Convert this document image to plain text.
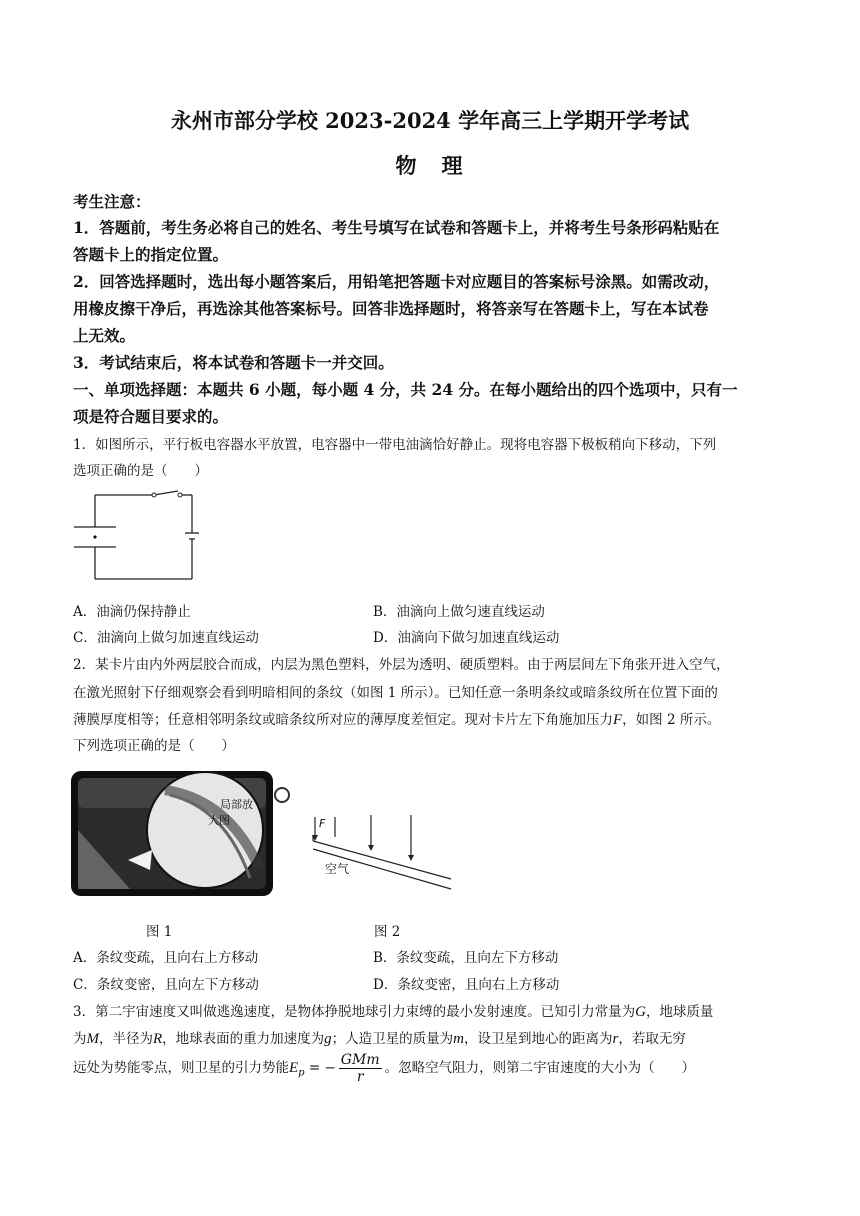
永州市部分学校 2023-2024 学年高三上学期开学考试
物　理
考生注意：
1．答题前，考生务必将自己的姓名、考生号填写在试卷和答题卡上，并将考生号条形码粘贴在
答题卡上的指定位置。
2．回答选择题时，选出每小题答案后，用铅笔把答题卡对应题目的答案标号涂黑。如需改动，
用橡皮擦干净后，再选涂其他答案标号。回答非选择题时，将答亲写在答题卡上，写在本试卷
上无效。
3．考试结束后，将本试卷和答题卡一并交回。
一、单项选择题：本题共 6 小题，每小题 4 分，共 24 分。在每小题给出的四个选项中，只有一
项是符合题目要求的。
1．如图所示，平行板电容器水平放置，电容器中一带电油滴恰好静止。现将电容器下极板稍向下移动，下列
选项正确的是（　　）
A．油滴仍保持静止	B．油滴向上做匀速直线运动
C．油滴向上做匀加速直线运动	D．油滴向下做匀加速直线运动
2．某卡片由内外两层胶合而成，内层为黑色塑料，外层为透明、硬质塑料。由于两层间左下角张开进入空气，
在激光照射下仔细观察会看到明暗相间的条纹（如图 1 所示）。已知任意一条明条纹或暗条纹所在位置下面的
薄膜厚度相等；任意相邻明条纹或暗条纹所对应的薄厚度差恒定。现对卡片左下角施加压力F，如图 2 所示。
下列选项正确的是（　　）
局部放
大图	F
空气
图 1	图 2
A．条纹变疏，且向右上方移动	B．条纹变疏，且向左下方移动
C．条纹变密，且向左下方移动	D．条纹变密，且向右上方移动
3．第二宇宙速度又叫做逃逸速度，是物体挣脱地球引力束缚的最小发射速度。已知引力常量为G，地球质量
为M，半径为R，地球表面的重力加速度为g；人造卫星的质量为m，设卫星到地心的距离为r，若取无穷
远处为势能零点，则卫星的引力势能$E_p$ = − $\frac{\text{GMm}}{r}$ 。忽略空气阻力，则第二宇宙速度的大小为（　　）
